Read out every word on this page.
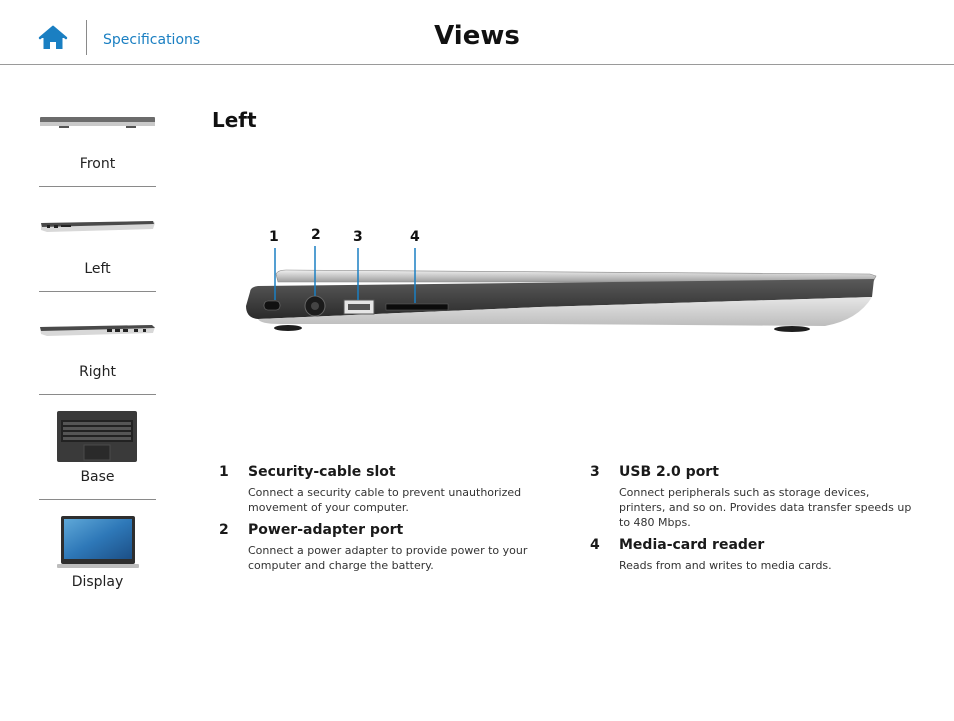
Specifications	Views
Front
Left
Right
Base
Display
Left
1 2 3	4
1 Security-cable slot
Connect a security cable to prevent unauthorized movement of your computer.
2 Power-adapter port
Connect a power adapter to provide power to your computer and charge the battery.
3 USB 2.0 port
Connect peripherals such as storage devices, printers, and so on. Provides data transfer speeds up to 480 Mbps.
4 Media-card reader
Reads from and writes to media cards.
